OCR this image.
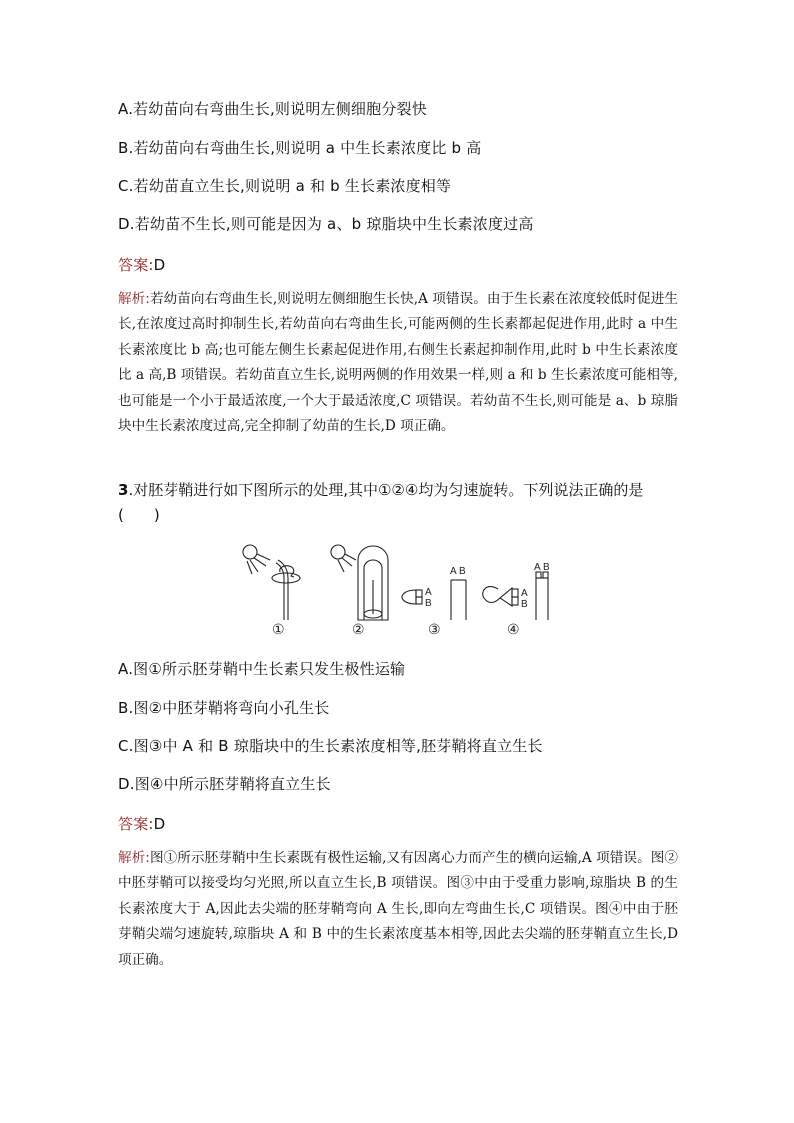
A.若幼苗向右弯曲生长,则说明左侧细胞分裂快
B.若幼苗向右弯曲生长,则说明 a 中生长素浓度比 b 高
C.若幼苗直立生长,则说明 a 和 b 生长素浓度相等
D.若幼苗不生长,则可能是因为 a、b 琼脂块中生长素浓度过高
答案:D
解析:若幼苗向右弯曲生长,则说明左侧细胞生长快,A 项错误。由于生长素在浓度较低时促进生长,在浓度过高时抑制生长,若幼苗向右弯曲生长,可能两侧的生长素都起促进作用,此时 a 中生长素浓度比 b 高;也可能左侧生长素起促进作用,右侧生长素起抑制作用,此时 b 中生长素浓度比 a 高,B 项错误。若幼苗直立生长,说明两侧的作用效果一样,则 a 和 b 生长素浓度可能相等,也可能是一个小于最适浓度,一个大于最适浓度,C 项错误。若幼苗不生长,则可能是 a、b 琼脂块中生长素浓度过高,完全抑制了幼苗的生长,D 项正确。
3.对胚芽鞘进行如下图所示的处理,其中①②④均为匀速旋转。下列说法正确的是(　　)
A
B
A B
A
B
A B
①	②	③	④
A.图①所示胚芽鞘中生长素只发生极性运输
B.图②中胚芽鞘将弯向小孔生长
C.图③中 A 和 B 琼脂块中的生长素浓度相等,胚芽鞘将直立生长
D.图④中所示胚芽鞘将直立生长
答案:D
解析:图①所示胚芽鞘中生长素既有极性运输,又有因离心力而产生的横向运输,A 项错误。图②中胚芽鞘可以接受均匀光照,所以直立生长,B 项错误。图③中由于受重力影响,琼脂块 B 的生长素浓度大于 A,因此去尖端的胚芽鞘弯向 A 生长,即向左弯曲生长,C 项错误。图④中由于胚芽鞘尖端匀速旋转,琼脂块 A 和 B 中的生长素浓度基本相等,因此去尖端的胚芽鞘直立生长,D 项正确。
